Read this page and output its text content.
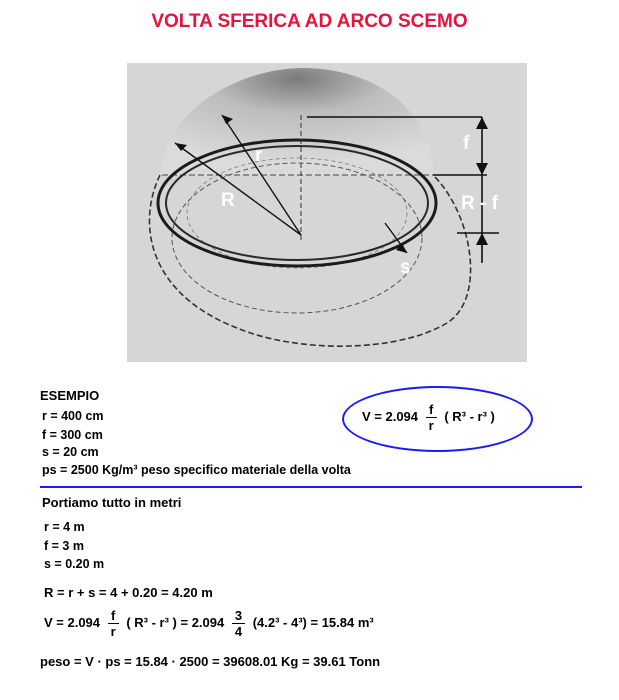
VOLTA SFERICA AD ARCO SCEMO
r
R
f
R - f
s
$V = 2.094 \frac{f}{r}$ ( R³ - r³ )
ESEMPIO
r = 400 cm
f = 300 cm
s = 20 cm
ps = 2500 Kg/m³ peso specifico materiale della volta
Portiamo tutto in metri
r = 4 m
f = 3 m
s = 0.20 m
R = r + s = 4 + 0.20 = 4.20 m
$V = 2.094 \frac{f}{r}$ ( R³ - r³ ) = $2.094 \frac{3}{4} (4.2^3 - 4^3) = 15.84$ m³
peso = V · ps = 15.84 · 2500 = 39608.01 Kg = 39.61 Tonn
